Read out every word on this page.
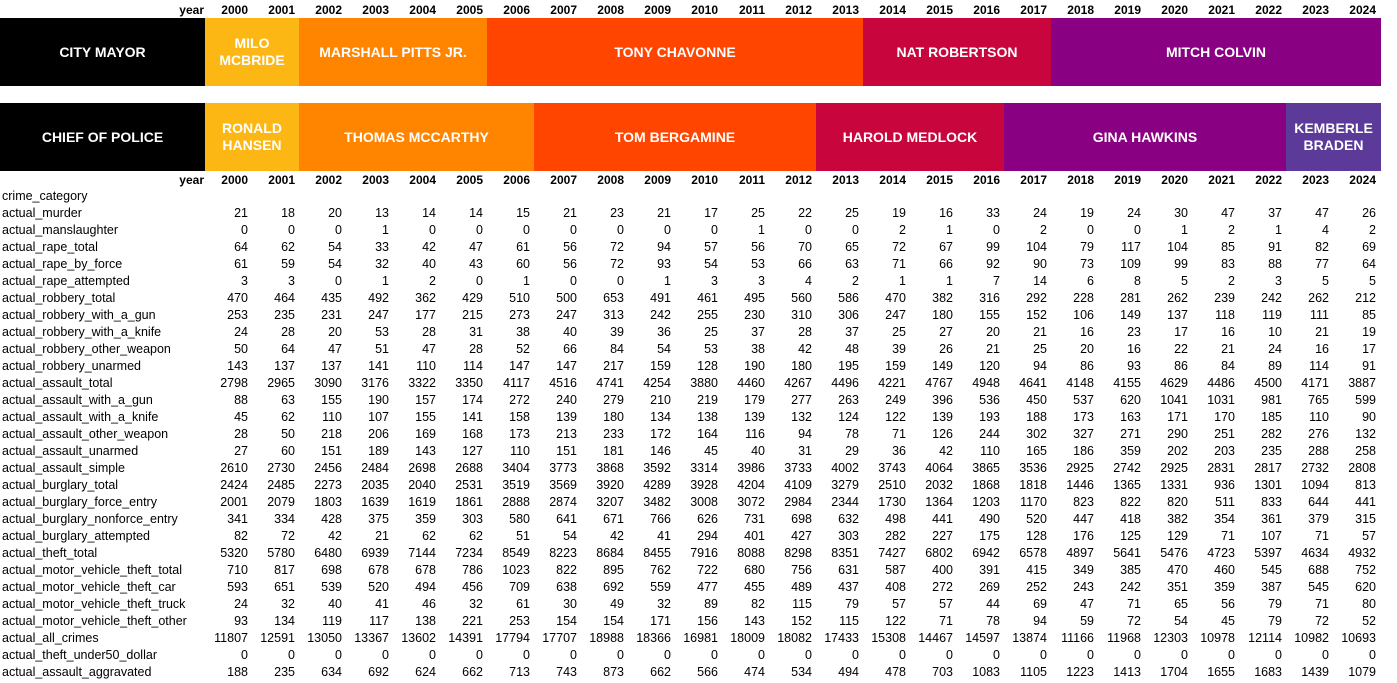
year	2000	2001	2002	2003	2004	2005	2006	2007	2008	2009	2010	2011	2012	2013	2014	2015	2016	2017	2018	2019	2020	2021	2022	2023	2024
CITY MAYOR
MILO
MCBRIDE
MARSHALL PITTS JR.	TONY CHAVONNE	NAT ROBERTSON	MITCH COLVIN
CHIEF OF POLICE
RONALD
HANSEN
THOMAS MCCARTHY	TOM BERGAMINE	HAROLD MEDLOCK	GINA HAWKINS
KEMBERLE
BRADEN
year	2000	2001	2002	2003	2004	2005	2006	2007	2008	2009	2010	2011	2012	2013	2014	2015	2016	2017	2018	2019	2020	2021	2022	2023	2024
crime_category
actual_murder	21	18	20	13	14	14	15	21	23	21	17	25	22	25	19	16	33	24	19	24	30	47	37	47	26
actual_manslaughter	0	0	0	1	0	0	0	0	0	0	0	1	0	0	2	1	0	2	0	0	1	2	1	4	2
actual_rape_total	64	62	54	33	42	47	61	56	72	94	57	56	70	65	72	67	99	104	79	117	104	85	91	82	69
actual_rape_by_force	61	59	54	32	40	43	60	56	72	93	54	53	66	63	71	66	92	90	73	109	99	83	88	77	64
actual_rape_attempted	3	3	0	1	2	0	1	0	0	1	3	3	4	2	1	1	7	14	6	8	5	2	3	5	5
actual_robbery_total	470	464	435	492	362	429	510	500	653	491	461	495	560	586	470	382	316	292	228	281	262	239	242	262	212
actual_robbery_with_a_gun	253	235	231	247	177	215	273	247	313	242	255	230	310	306	247	180	155	152	106	149	137	118	119	111	85
actual_robbery_with_a_knife	24	28	20	53	28	31	38	40	39	36	25	37	28	37	25	27	20	21	16	23	17	16	10	21	19
actual_robbery_other_weapon	50	64	47	51	47	28	52	66	84	54	53	38	42	48	39	26	21	25	20	16	22	21	24	16	17
actual_robbery_unarmed	143	137	137	141	110	114	147	147	217	159	128	190	180	195	159	149	120	94	86	93	86	84	89	114	91
actual_assault_total	2798	2965	3090	3176	3322	3350	4117	4516	4741	4254	3880	4460	4267	4496	4221	4767	4948	4641	4148	4155	4629	4486	4500	4171	3887
actual_assault_with_a_gun	88	63	155	190	157	174	272	240	279	210	219	179	277	263	249	396	536	450	537	620	1041	1031	981	765	599
actual_assault_with_a_knife	45	62	110	107	155	141	158	139	180	134	138	139	132	124	122	139	193	188	173	163	171	170	185	110	90
actual_assault_other_weapon	28	50	218	206	169	168	173	213	233	172	164	116	94	78	71	126	244	302	327	271	290	251	282	276	132
actual_assault_unarmed	27	60	151	189	143	127	110	151	181	146	45	40	31	29	36	42	110	165	186	359	202	203	235	288	258
actual_assault_simple	2610	2730	2456	2484	2698	2688	3404	3773	3868	3592	3314	3986	3733	4002	3743	4064	3865	3536	2925	2742	2925	2831	2817	2732	2808
actual_burglary_total	2424	2485	2273	2035	2040	2531	3519	3569	3920	4289	3928	4204	4109	3279	2510	2032	1868	1818	1446	1365	1331	936	1301	1094	813
actual_burglary_force_entry	2001	2079	1803	1639	1619	1861	2888	2874	3207	3482	3008	3072	2984	2344	1730	1364	1203	1170	823	822	820	511	833	644	441
actual_burglary_nonforce_entry	341	334	428	375	359	303	580	641	671	766	626	731	698	632	498	441	490	520	447	418	382	354	361	379	315
actual_burglary_attempted	82	72	42	21	62	62	51	54	42	41	294	401	427	303	282	227	175	128	176	125	129	71	107	71	57
actual_theft_total	5320	5780	6480	6939	7144	7234	8549	8223	8684	8455	7916	8088	8298	8351	7427	6802	6942	6578	4897	5641	5476	4723	5397	4634	4932
actual_motor_vehicle_theft_total	710	817	698	678	678	786	1023	822	895	762	722	680	756	631	587	400	391	415	349	385	470	460	545	688	752
actual_motor_vehicle_theft_car	593	651	539	520	494	456	709	638	692	559	477	455	489	437	408	272	269	252	243	242	351	359	387	545	620
actual_motor_vehicle_theft_truck	24	32	40	41	46	32	61	30	49	32	89	82	115	79	57	57	44	69	47	71	65	56	79	71	80
actual_motor_vehicle_theft_other	93	134	119	117	138	221	253	154	154	171	156	143	152	115	122	71	78	94	59	72	54	45	79	72	52
actual_all_crimes	11807 12591 13050 13367 13602 14391 17794 17707 18988 18366 16981 18009 18082 17433 15308 14467 14597 13874	11166	11968 12303 10978	12114 10982 10693
actual_theft_under50_dollar	0	0	0	0	0	0	0	0	0	0	0	0	0	0	0	0	0	0	0	0	0	0	0	0	0
actual_assault_aggravated	188	235	634	692	624	662	713	743	873	662	566	474	534	494	478	703	1083	1105	1223	1413	1704	1655	1683	1439	1079
